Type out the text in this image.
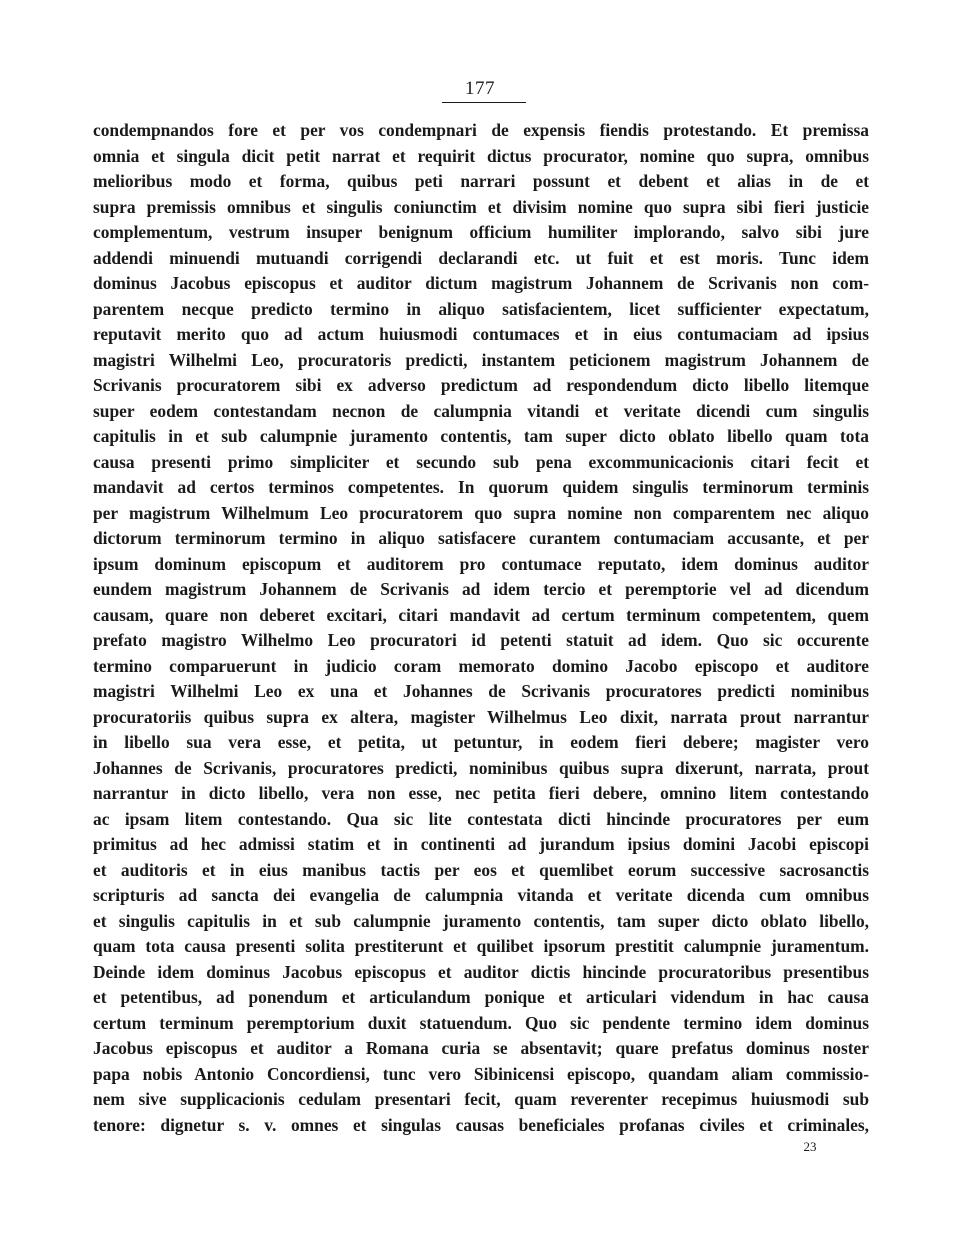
177
condempnandos fore et per vos condempnari de expensis fiendis protestando. Et premissa
omnia et singula dicit petit narrat et requirit dictus procurator, nomine quo supra, omnibus
melioribus modo et forma, quibus peti narrari possunt et debent et alias in de et
supra premissis omnibus et singulis coniunctim et divisim nomine quo supra sibi fieri justicie
complementum, vestrum insuper benignum officium humiliter implorando, salvo sibi jure
addendi minuendi mutuandi corrigendi declarandi etc. ut fuit et est moris. Tunc idem
dominus Jacobus episcopus et auditor dictum magistrum Johannem de Scrivanis non com-
parentem necque predicto termino in aliquo satisfacientem, licet sufficienter expectatum,
reputavit merito quo ad actum huiusmodi contumaces et in eius contumaciam ad ipsius
magistri Wilhelmi Leo, procuratoris predicti, instantem peticionem magistrum Johannem de
Scrivanis procuratorem sibi ex adverso predictum ad respondendum dicto libello litemque
super eodem contestandam necnon de calumpnia vitandi et veritate dicendi cum singulis
capitulis in et sub calumpnie juramento contentis, tam super dicto oblato libello quam tota
causa presenti primo simpliciter et secundo sub pena excommunicacionis citari fecit et
mandavit ad certos terminos competentes. In quorum quidem singulis terminorum terminis
per magistrum Wilhelmum Leo procuratorem quo supra nomine non comparentem nec aliquo
dictorum terminorum termino in aliquo satisfacere curantem contumaciam accusante, et per
ipsum dominum episcopum et auditorem pro contumace reputato, idem dominus auditor
eundem magistrum Johannem de Scrivanis ad idem tercio et peremptorie vel ad dicendum
causam, quare non deberet excitari, citari mandavit ad certum terminum competentem, quem
prefato magistro Wilhelmo Leo procuratori id petenti statuit ad idem. Quo sic occurente
termino comparuerunt in judicio coram memorato domino Jacobo episcopo et auditore
magistri Wilhelmi Leo ex una et Johannes de Scrivanis procuratores predicti nominibus
procuratoriis quibus supra ex altera, magister Wilhelmus Leo dixit, narrata prout narrantur
in libello sua vera esse, et petita, ut petuntur, in eodem fieri debere; magister vero
Johannes de Scrivanis, procuratores predicti, nominibus quibus supra dixerunt, narrata, prout
narrantur in dicto libello, vera non esse, nec petita fieri debere, omnino litem contestando
ac ipsam litem contestando. Qua sic lite contestata dicti hincinde procuratores per eum
primitus ad hec admissi statim et in continenti ad jurandum ipsius domini Jacobi episcopi
et auditoris et in eius manibus tactis per eos et quemlibet eorum successive sacrosanctis
scripturis ad sancta dei evangelia de calumpnia vitanda et veritate dicenda cum omnibus
et singulis capitulis in et sub calumpnie juramento contentis, tam super dicto oblato libello,
quam tota causa presenti solita prestiterunt et quilibet ipsorum prestitit calumpnie juramentum.
Deinde idem dominus Jacobus episcopus et auditor dictis hincinde procuratoribus presentibus
et petentibus, ad ponendum et articulandum ponique et articulari videndum in hac causa
certum terminum peremptorium duxit statuendum. Quo sic pendente termino idem dominus
Jacobus episcopus et auditor a Romana curia se absentavit; quare prefatus dominus noster
papa nobis Antonio Concordiensi, tunc vero Sibinicensi episcopo, quandam aliam commissio-
nem sive supplicacionis cedulam presentari fecit, quam reverenter recepimus huiusmodi sub
tenore: dignetur s. v. omnes et singulas causas beneficiales profanas civiles et criminales,
23
